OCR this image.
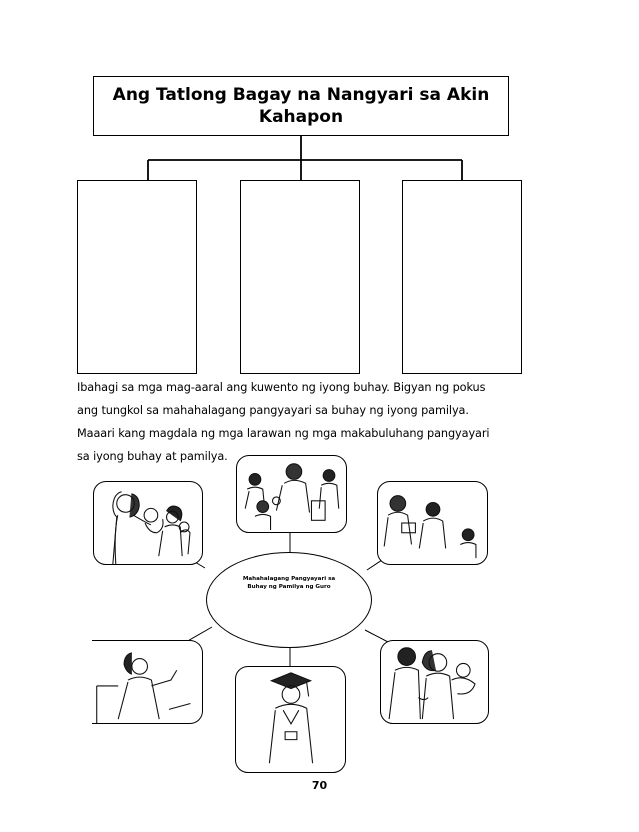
Ang Tatlong Bagay na Nangyari sa Akin
Kahapon
Ibahagi sa mga mag-aaral ang kuwento ng iyong buhay. Bigyan ng pokus
ang tungkol sa mahahalagang pangyayari sa buhay ng iyong pamilya.
Maaari kang magdala ng mga larawan ng mga makabuluhang pangyayari
sa iyong buhay at pamilya.
Mahahalagang Pangyayari sa
Buhay ng Pamilya ng Guro
70
